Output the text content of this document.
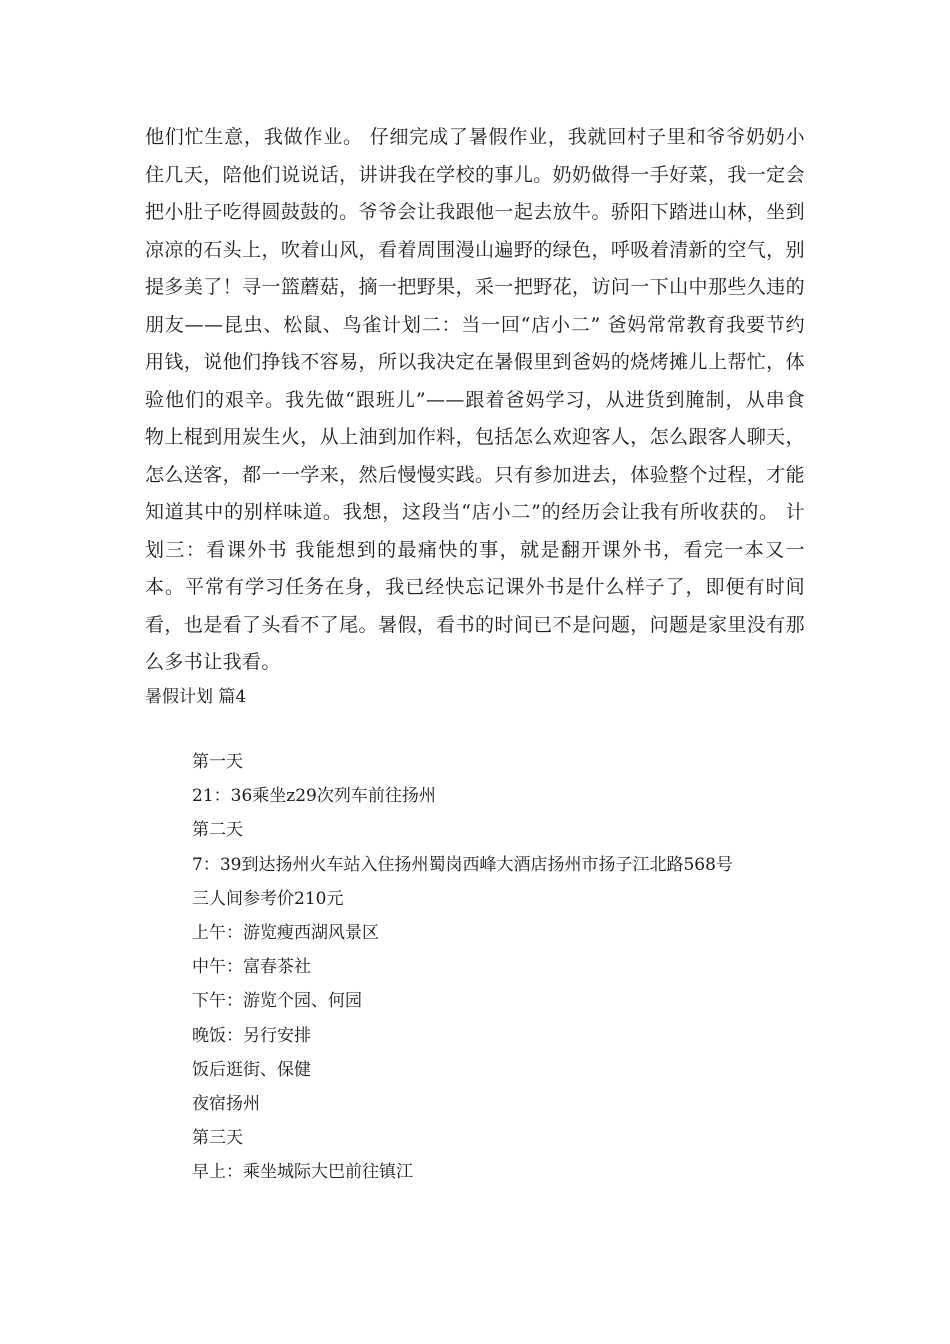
他们忙生意，我做作业。 仔细完成了暑假作业，我就回村子里和爷爷奶奶小住几天，陪他们说说话，讲讲我在学校的事儿。奶奶做得一手好菜，我一定会把小肚子吃得圆鼓鼓的。爷爷会让我跟他一起去放牛。骄阳下踏进山林，坐到凉凉的石头上，吹着山风，看着周围漫山遍野的绿色，呼吸着清新的空气，别提多美了！寻一篮蘑菇，摘一把野果，采一把野花，访问一下山中那些久违的朋友——昆虫、松鼠、鸟雀计划二：当一回“店小二” 爸妈常常教育我要节约用钱，说他们挣钱不容易，所以我决定在暑假里到爸妈的烧烤摊儿上帮忙，体验他们的艰辛。我先做“跟班儿”——跟着爸妈学习，从进货到腌制，从串食物上棍到用炭生火，从上油到加作料，包括怎么欢迎客人，怎么跟客人聊天，怎么送客，都一一学来，然后慢慢实践。只有参加进去，体验整个过程，才能知道其中的别样味道。我想，这段当“店小二”的经历会让我有所收获的。 计划三：看课外书 我能想到的最痛快的事，就是翻开课外书，看完一本又一本。平常有学习任务在身，我已经快忘记课外书是什么样子了，即便有时间看，也是看了头看不了尾。暑假，看书的时间已不是问题，问题是家里没有那么多书让我看。

暑假计划 篇4
第一天
21：36乘坐z29次列车前往扬州
第二天
7：39到达扬州火车站入住扬州蜀岗西峰大酒店扬州市扬子江北路568号
三人间参考价210元
上午：游览瘦西湖风景区
中午：富春茶社
下午：游览个园、何园
晚饭：另行安排
饭后逛街、保健
夜宿扬州
第三天
早上：乘坐城际大巴前往镇江
